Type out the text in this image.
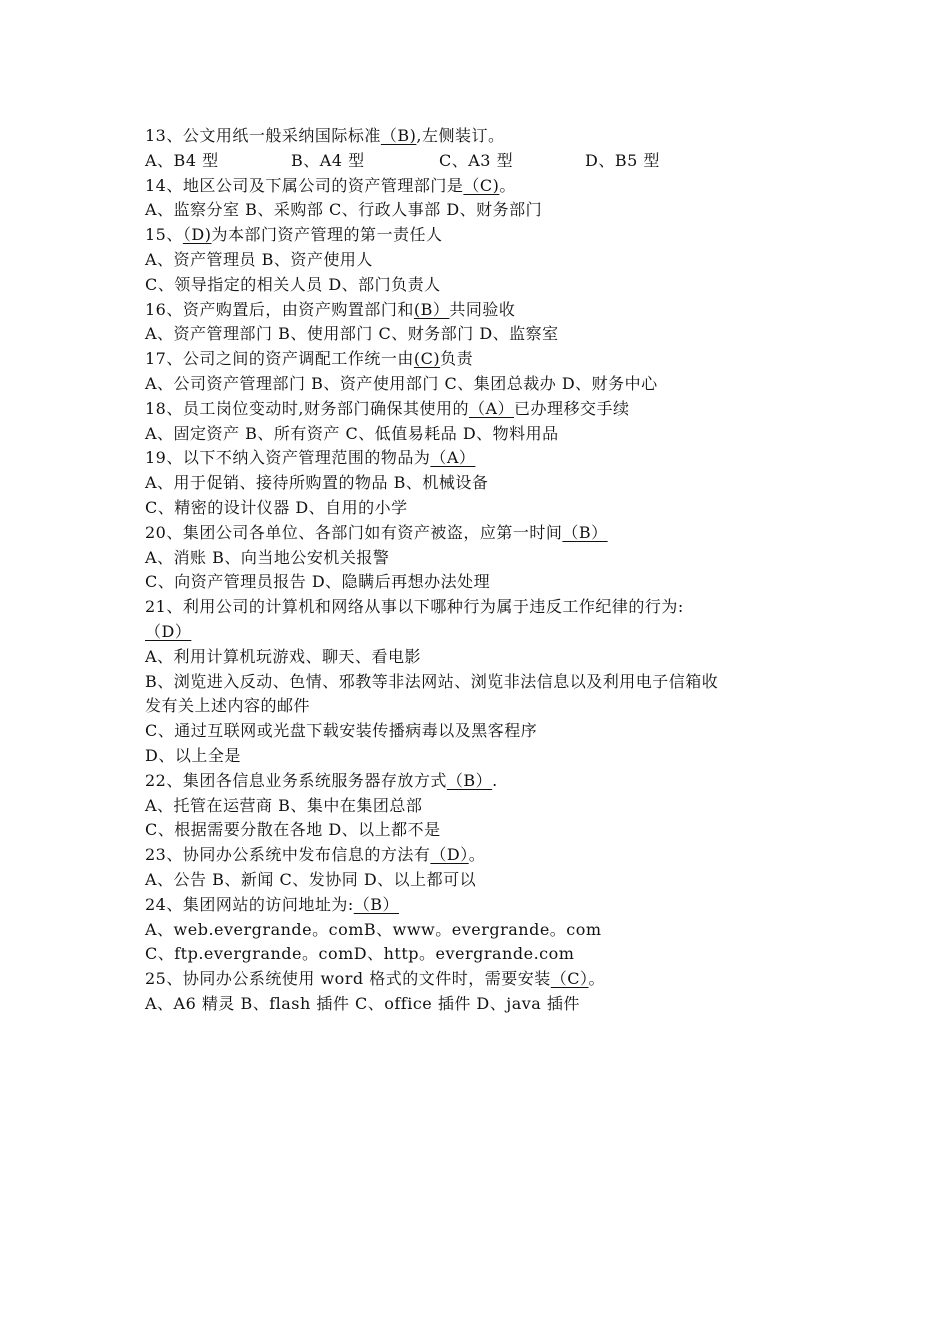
13、公文用纸一般采纳国际标准（B),左侧装订。
A、B4 型	B、A4 型	C、A3 型	D、B5 型
14、地区公司及下属公司的资产管理部门是（C)。
A、监察分室 B、采购部 C、行政人事部 D、财务部门
15、（D)为本部门资产管理的第一责任人
A、资产管理员 B、资产使用人
C、领导指定的相关人员 D、部门负责人
16、资产购置后，由资产购置部门和(B）共同验收
A、资产管理部门 B、使用部门 C、财务部门 D、监察室
17、公司之间的资产调配工作统一由(C)负责
A、公司资产管理部门 B、资产使用部门 C、集团总裁办 D、财务中心
18、员工岗位变动时,财务部门确保其使用的（A）已办理移交手续
A、固定资产 B、所有资产 C、低值易耗品 D、物料用品
19、以下不纳入资产管理范围的物品为（A）
A、用于促销、接待所购置的物品 B、机械设备
C、精密的设计仪器 D、自用的小学
20、集团公司各单位、各部门如有资产被盗，应第一时间（B）
A、消账 B、向当地公安机关报警
C、向资产管理员报告 D、隐瞒后再想办法处理
21、利用公司的计算机和网络从事以下哪种行为属于违反工作纪律的行为:
（D）
A、利用计算机玩游戏、聊天、看电影
B、浏览进入反动、色情、邪教等非法网站、浏览非法信息以及利用电子信箱收
发有关上述内容的邮件
C、通过互联网或光盘下载安装传播病毒以及黑客程序
D、以上全是
22、集团各信息业务系统服务器存放方式（B）.
A、托管在运营商 B、集中在集团总部
C、根据需要分散在各地 D、以上都不是
23、协同办公系统中发布信息的方法有（D）。
A、公告 B、新闻 C、发协同 D、以上都可以
24、集团网站的访问地址为:（B）
A、web.evergrande。comB、www。evergrande。com
C、ftp.evergrande。comD、http。evergrande.com
25、协同办公系统使用 word 格式的文件时，需要安装（C）。
A、A6 精灵 B、flash 插件 C、office 插件 D、java 插件
